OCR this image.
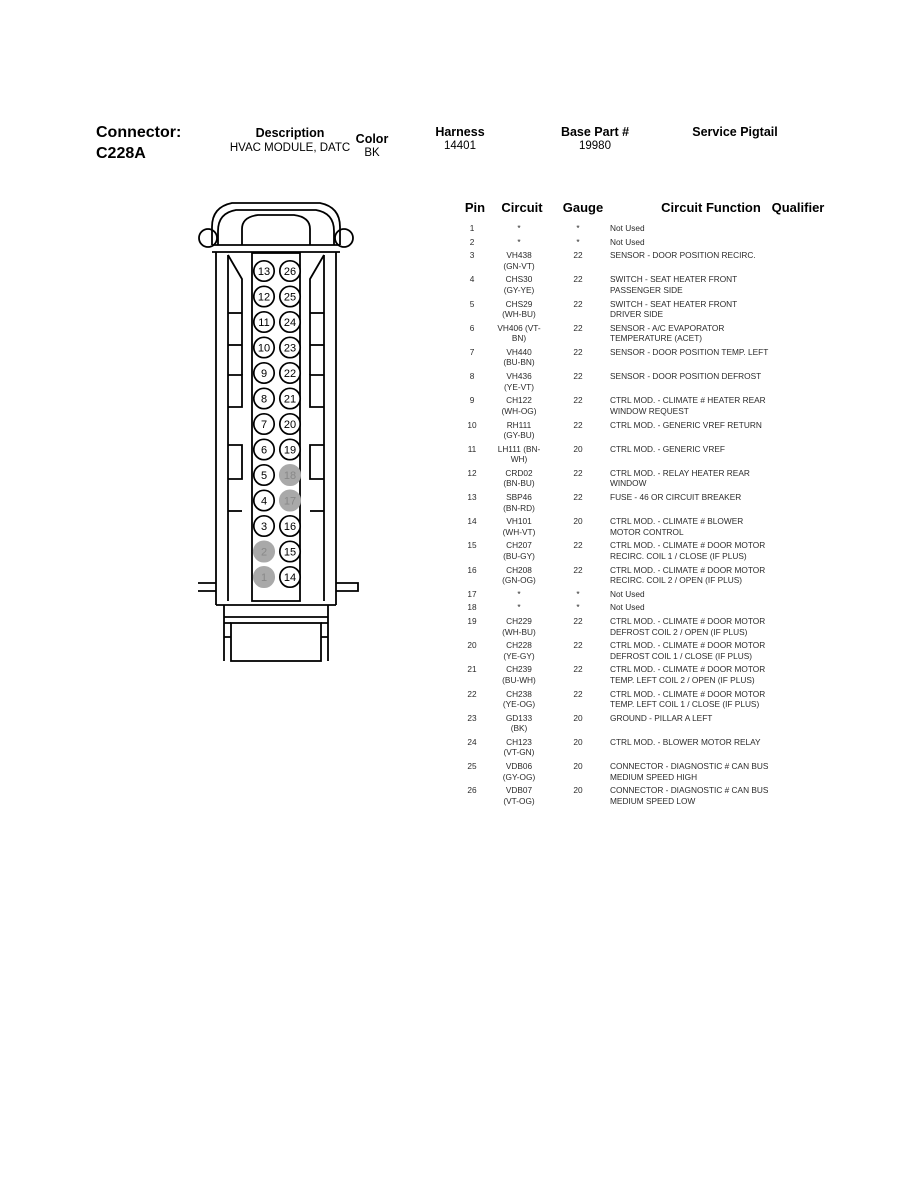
Connector:
C228A
Description
HVAC MODULE, DATC
Color
BK
Harness
14401
Base Part #
19980
Service Pigtail
13 26
12 25
11 24
10 23
9 22
8 21
7 20
6 19
5 18
4 17
3 16
2 15
1 14
Pin	Circuit	Gauge	Circuit Function Qualifier
1	*	*	Not Used
2	*	*	Not Used
3	VH438
(GN-VT)
22	SENSOR - DOOR POSITION RECIRC.
4	CHS30
(GY-YE)
22	SWITCH - SEAT HEATER FRONT PASSENGER SIDE
5	CHS29
(WH-BU)
22	SWITCH - SEAT HEATER FRONT DRIVER SIDE
6	VH406 (VT-
BN)
22	SENSOR - A/C EVAPORATOR TEMPERATURE (ACET)
7	VH440
(BU-BN)
22	SENSOR - DOOR POSITION TEMP. LEFT
8	VH436
(YE-VT)
22	SENSOR - DOOR POSITION DEFROST
9	CH122
(WH-OG)
22	CTRL MOD. - CLIMATE # HEATER REAR WINDOW REQUEST
10	RH111
(GY-BU)
22	CTRL MOD. - GENERIC VREF RETURN
11	LH111 (BN-
WH)
20	CTRL MOD. - GENERIC VREF
12	CRD02
(BN-BU)
22	CTRL MOD. - RELAY HEATER REAR WINDOW
13	SBP46
(BN-RD)
22	FUSE - 46 OR CIRCUIT BREAKER
14	VH101
(WH-VT)
20	CTRL MOD. - CLIMATE # BLOWER MOTOR CONTROL
15	CH207
(BU-GY)
22	CTRL MOD. - CLIMATE # DOOR MOTOR RECIRC. COIL 1 / CLOSE (IF PLUS)
16	CH208
(GN-OG)
22	CTRL MOD. - CLIMATE # DOOR MOTOR RECIRC. COIL 2 / OPEN (IF PLUS)
17	*	*	Not Used
18	*	*	Not Used
19	CH229
(WH-BU)
22	CTRL MOD. - CLIMATE # DOOR MOTOR DEFROST COIL 2 / OPEN (IF PLUS)
20	CH228
(YE-GY)
22	CTRL MOD. - CLIMATE # DOOR MOTOR DEFROST COIL 1 / CLOSE (IF PLUS)
21	CH239
(BU-WH)
22	CTRL MOD. - CLIMATE # DOOR MOTOR TEMP. LEFT COIL 2 / OPEN (IF PLUS)
22	CH238
(YE-OG)
22	CTRL MOD. - CLIMATE # DOOR MOTOR TEMP. LEFT COIL 1 / CLOSE (IF PLUS)
23	GD133
(BK)
20	GROUND - PILLAR A LEFT
24	CH123
(VT-GN)
20	CTRL MOD. - BLOWER MOTOR RELAY
25	VDB06
(GY-OG)
20	CONNECTOR - DIAGNOSTIC # CAN BUS MEDIUM SPEED HIGH
26	VDB07
(VT-OG)
20	CONNECTOR - DIAGNOSTIC # CAN BUS MEDIUM SPEED LOW
